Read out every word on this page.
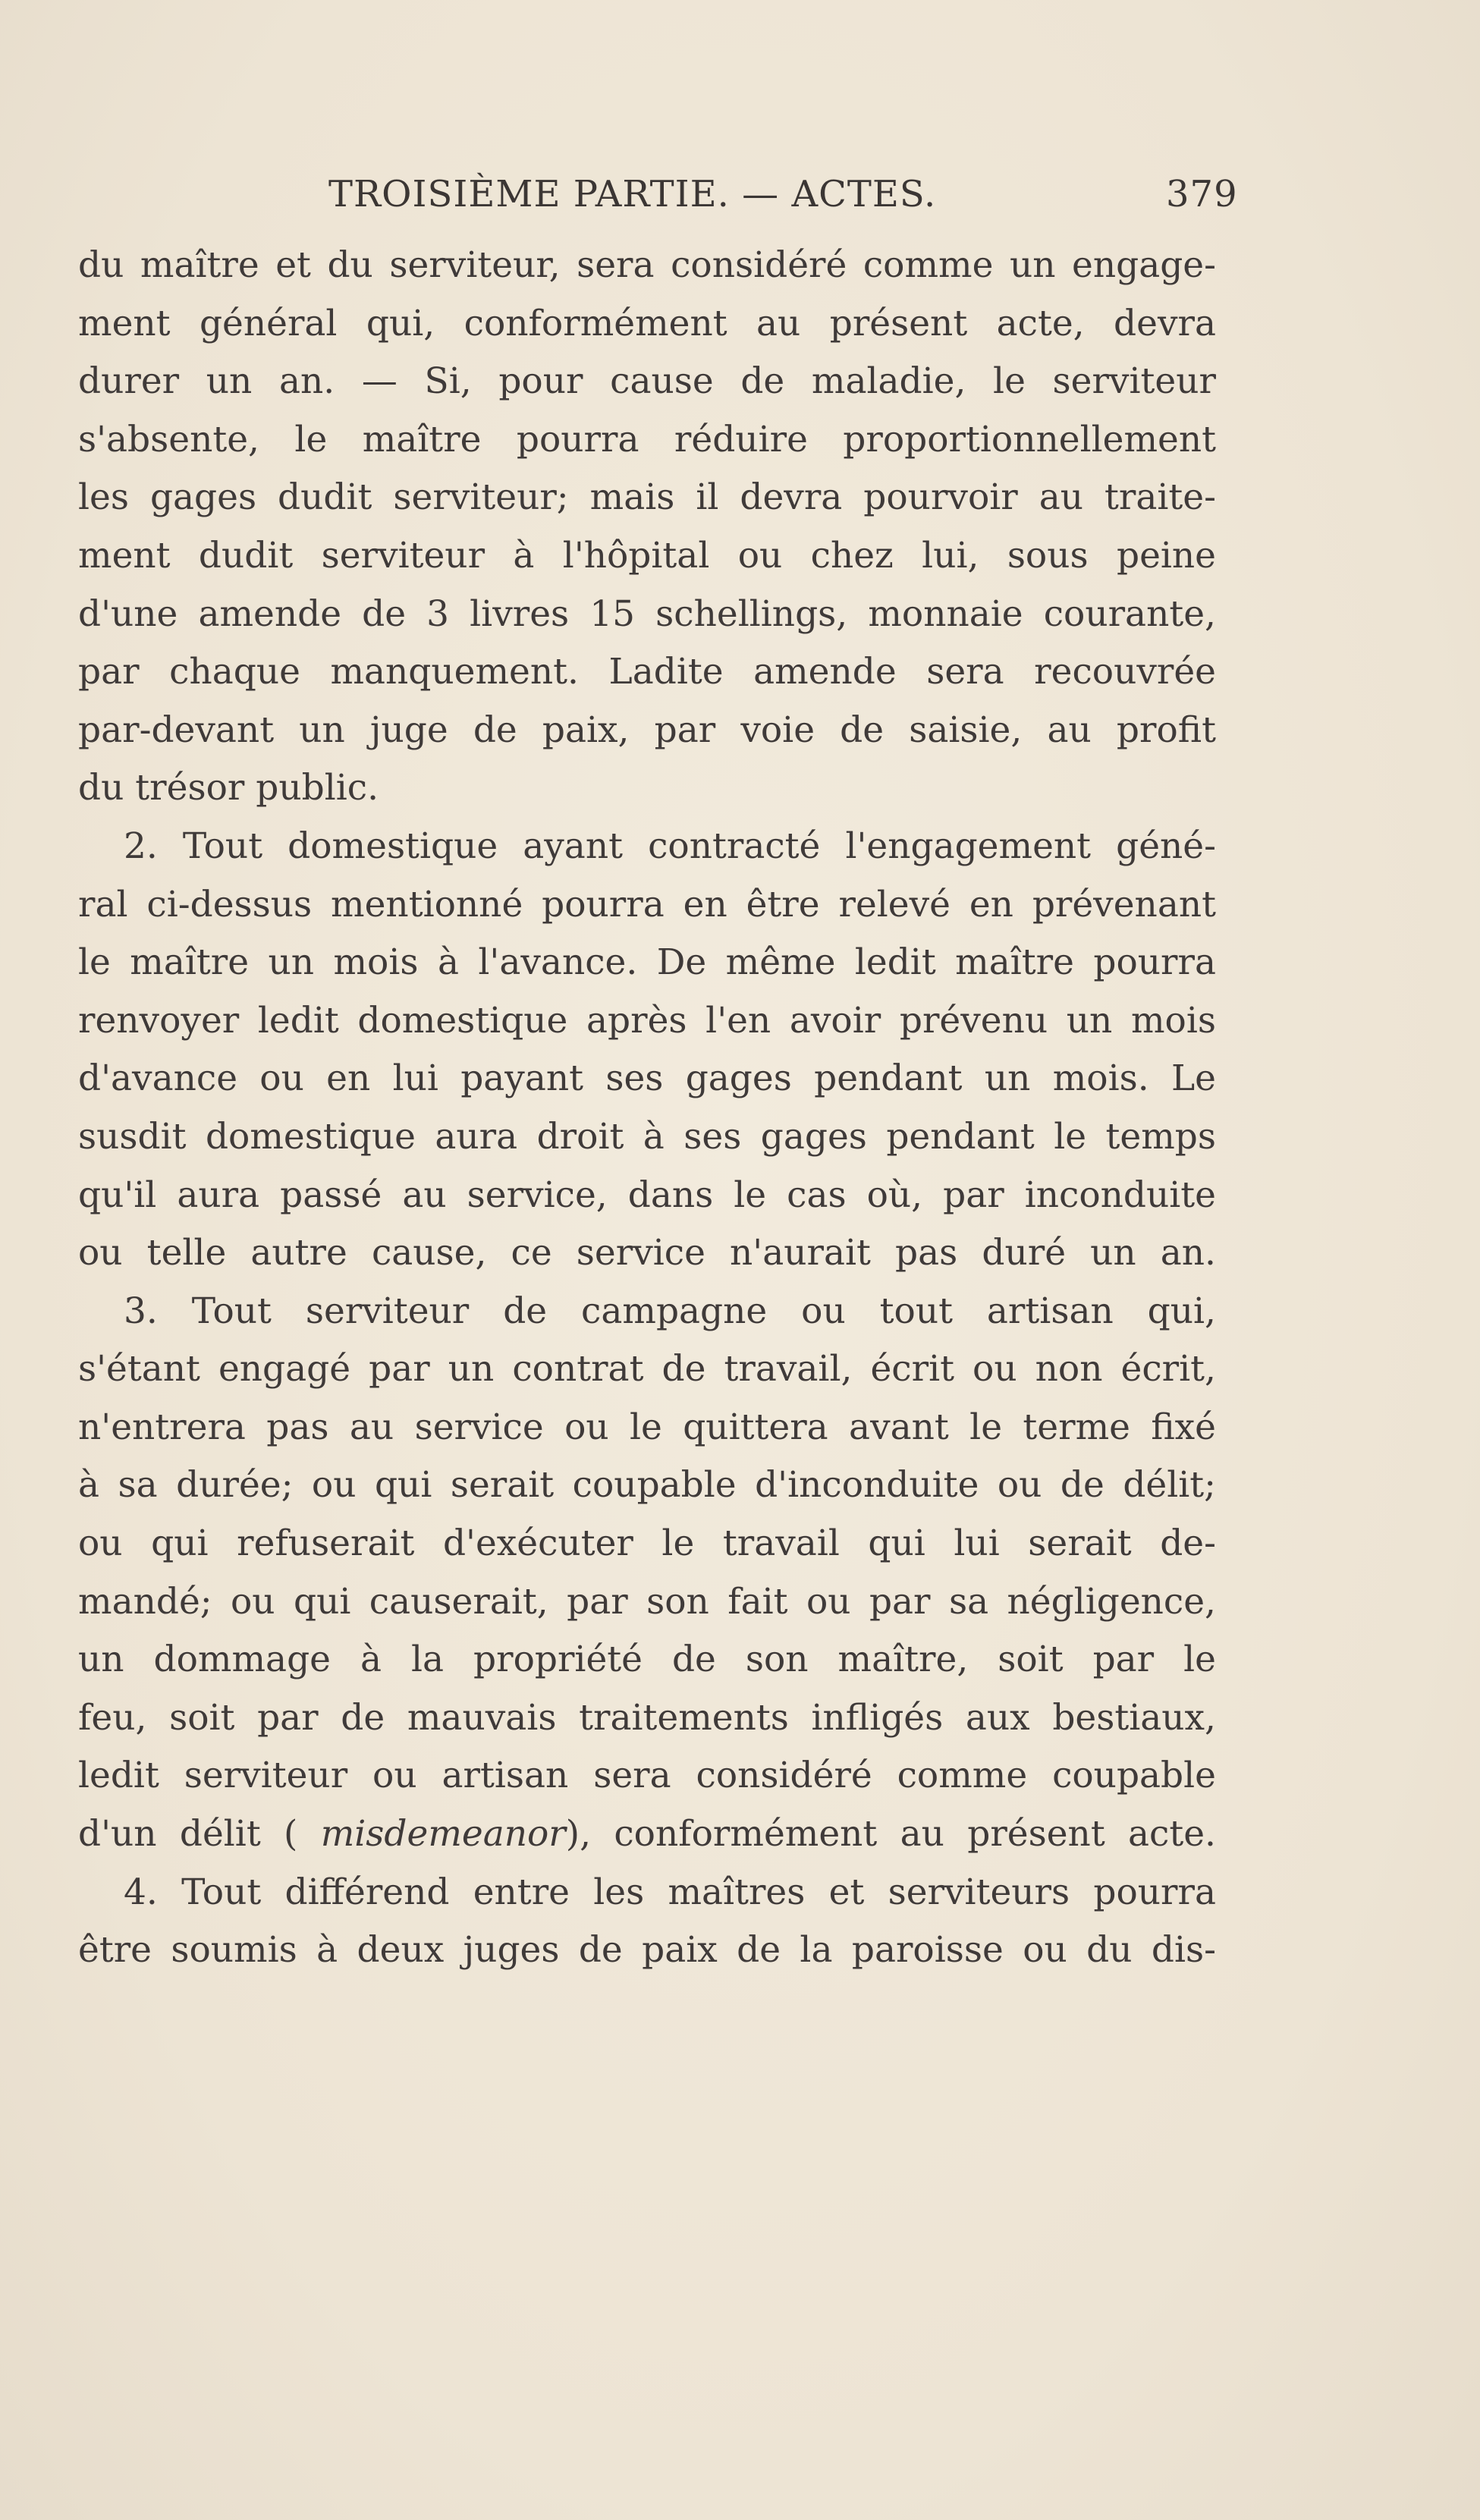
TROISIÈME PARTIE. — ACTES.	379
du maître et du serviteur, sera considéré comme un engage-
ment général qui, conformément au présent acte, devra
durer un an. — Si, pour cause de maladie, le serviteur
s'absente, le maître pourra réduire proportionnellement
les gages dudit serviteur; mais il devra pourvoir au traite-
ment dudit serviteur à l'hôpital ou chez lui, sous peine
d'une amende de 3 livres 15 schellings, monnaie courante,
par chaque manquement. Ladite amende sera recouvrée
par-devant un juge de paix, par voie de saisie, au profit
du trésor public.
2. Tout domestique ayant contracté l'engagement géné-
ral ci-dessus mentionné pourra en être relevé en prévenant
le maître un mois à l'avance. De même ledit maître pourra
renvoyer ledit domestique après l'en avoir prévenu un mois
d'avance ou en lui payant ses gages pendant un mois. Le
susdit domestique aura droit à ses gages pendant le temps
qu'il aura passé au service, dans le cas où, par inconduite
ou telle autre cause, ce service n'aurait pas duré un an.
3. Tout serviteur de campagne ou tout artisan qui,
s'étant engagé par un contrat de travail, écrit ou non écrit,
n'entrera pas au service ou le quittera avant le terme fixé
à sa durée; ou qui serait coupable d'inconduite ou de délit;
ou qui refuserait d'exécuter le travail qui lui serait de-
mandé; ou qui causerait, par son fait ou par sa négligence,
un dommage à la propriété de son maître, soit par le
feu, soit par de mauvais traitements infligés aux bestiaux,
ledit serviteur ou artisan sera considéré comme coupable
d'un délit ( misdemeanor), conformément au présent acte.
4. Tout différend entre les maîtres et serviteurs pourra
être soumis à deux juges de paix de la paroisse ou du dis-
